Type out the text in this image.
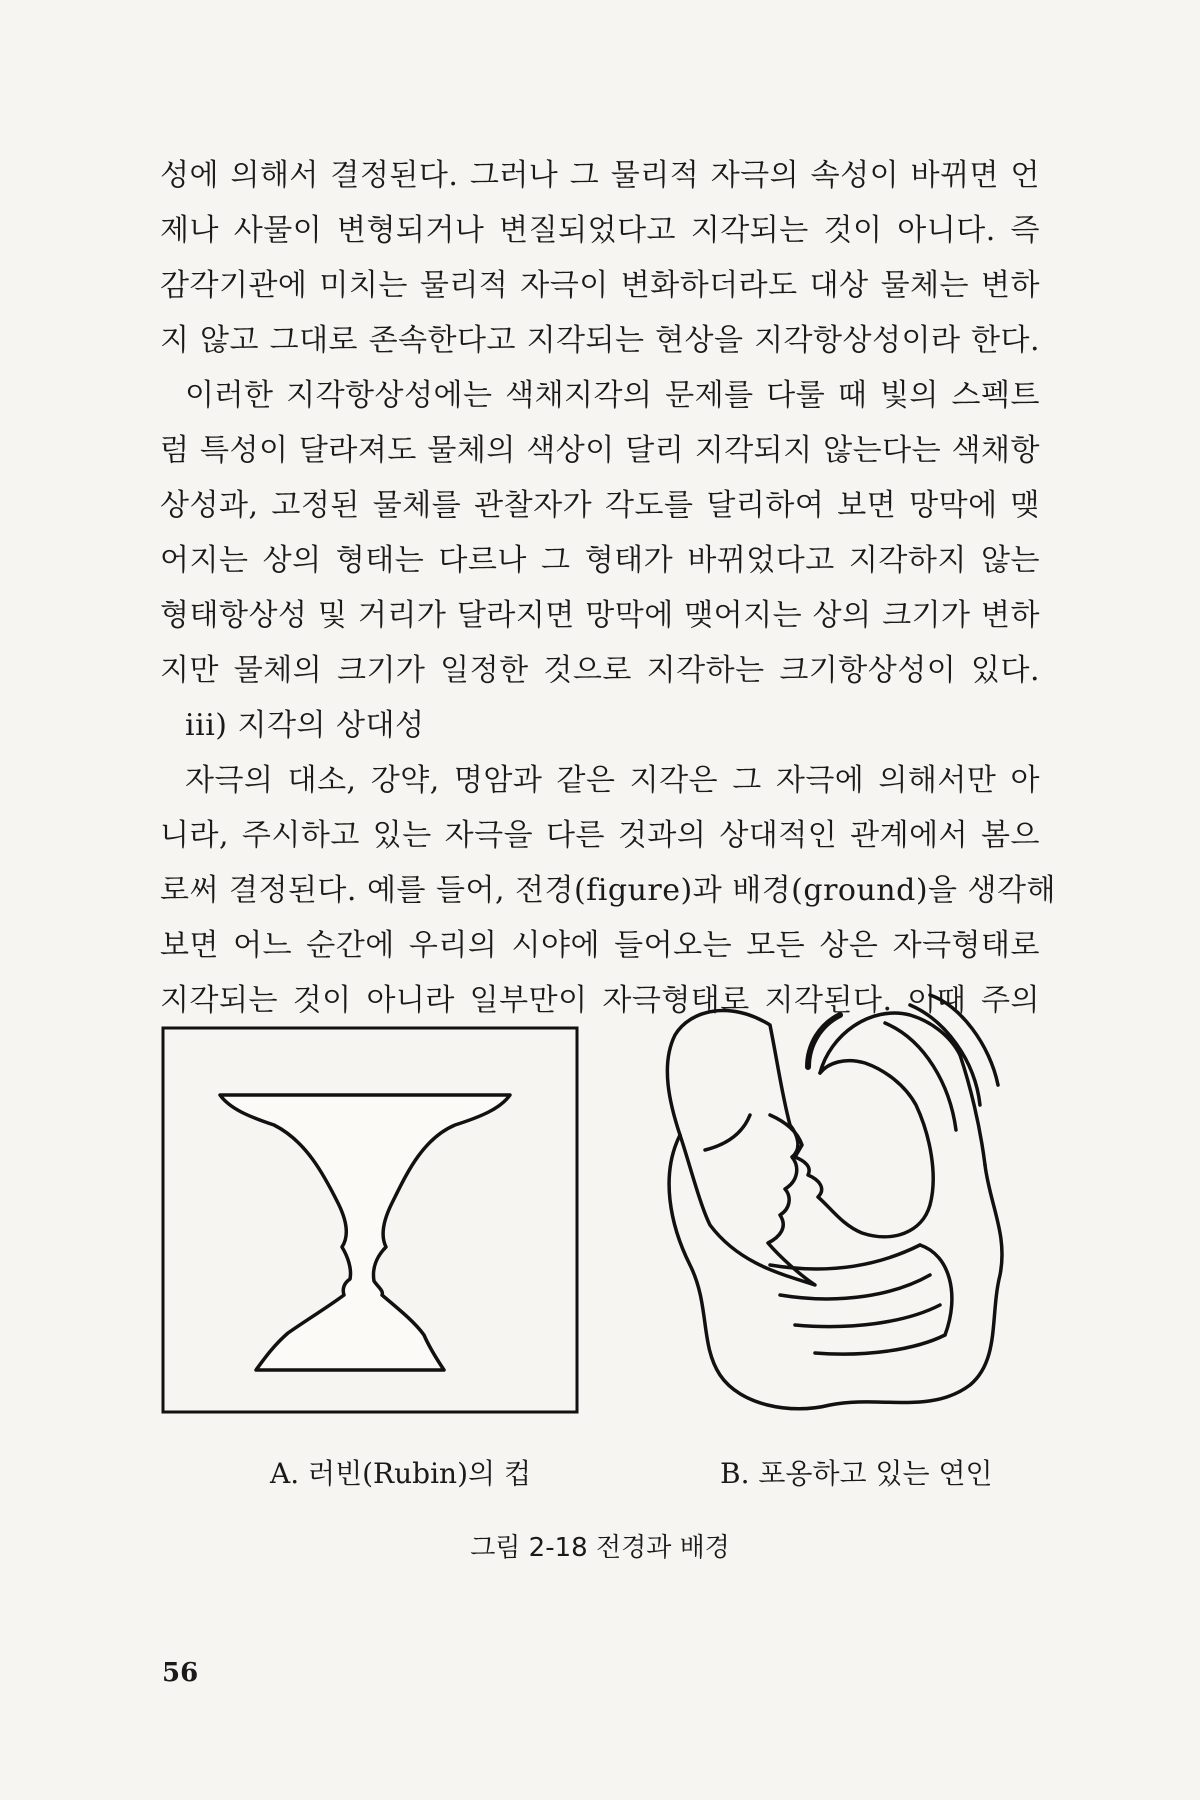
성에 의해서 결정된다. 그러나 그 물리적 자극의 속성이 바뀌면 언
제나 사물이 변형되거나 변질되었다고 지각되는 것이 아니다. 즉
감각기관에 미치는 물리적 자극이 변화하더라도 대상 물체는 변하
지 않고 그대로 존속한다고 지각되는 현상을 지각항상성이라 한다.
이러한 지각항상성에는 색채지각의 문제를 다룰 때 빛의 스펙트
럼 특성이 달라져도 물체의 색상이 달리 지각되지 않는다는 색채항
상성과, 고정된 물체를 관찰자가 각도를 달리하여 보면 망막에 맺
어지는 상의 형태는 다르나 그 형태가 바뀌었다고 지각하지 않는
형태항상성 및 거리가 달라지면 망막에 맺어지는 상의 크기가 변하
지만 물체의 크기가 일정한 것으로 지각하는 크기항상성이 있다.
iii) 지각의 상대성
자극의 대소, 강약, 명암과 같은 지각은 그 자극에 의해서만 아
니라, 주시하고 있는 자극을 다른 것과의 상대적인 관계에서 봄으
로써 결정된다. 예를 들어, 전경(figure)과 배경(ground)을 생각해
보면 어느 순간에 우리의 시야에 들어오는 모든 상은 자극형태로
지각되는 것이 아니라 일부만이 자극형태로 지각된다. 이때 주의
A. 러빈(Rubin)의 컵	B. 포옹하고 있는 연인
그림 2-18 전경과 배경
56
